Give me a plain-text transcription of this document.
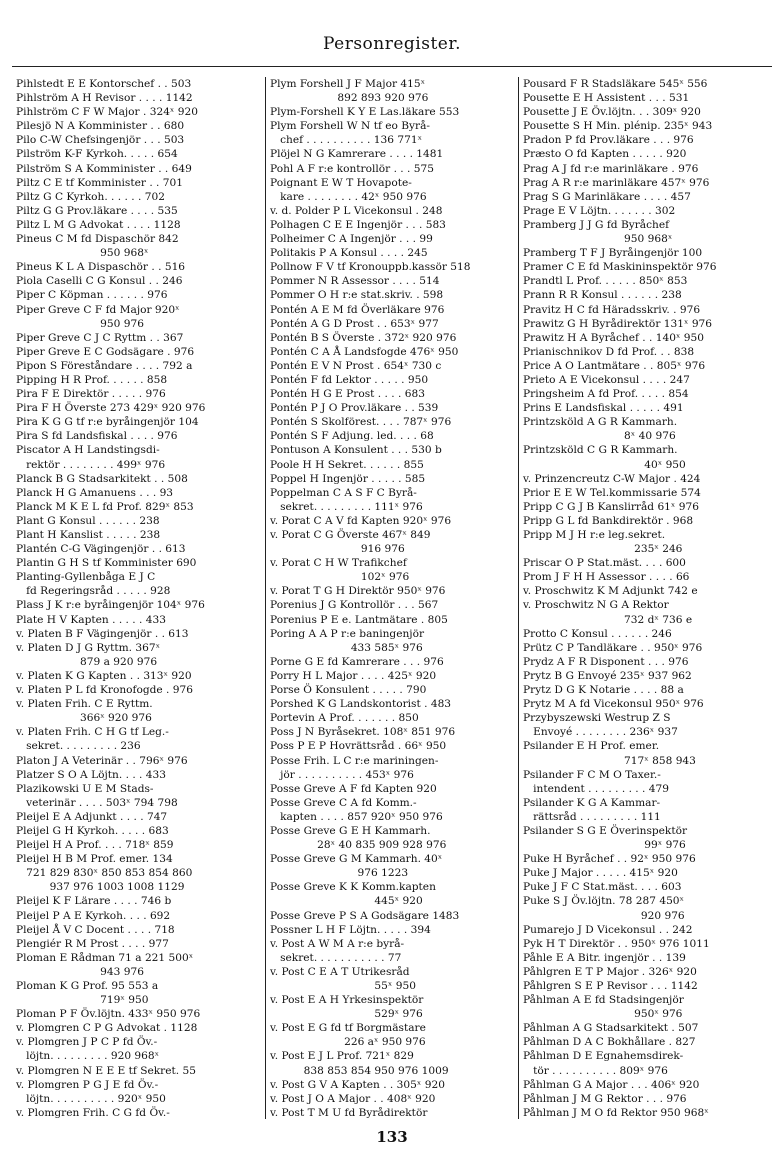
Personregister.
Pihlstedt E E Kontorschef . . 503
Pihlström A H Revisor . . . . 1142
Pihlström C F W Major . 324ˣ 920
Pilesjö N A Komminister . . 680
Pilo C-W Chefsingenjör . . . 503
Pilström K-F Kyrkoh. . . . . 654
Pilström S A Komminister . . 649
Piltz C E tf Komminister . . 701
Piltz G C Kyrkoh. . . . . . 702
Piltz G G Prov.läkare . . . . 535
Piltz L M G Advokat . . . . 1128
Pineus C M fd Dispaschör 842
950 968ˣ
Pineus K L A Dispaschör . . 516
Piola Caselli C G Konsul . . 246
Piper C Köpman . . . . . . 976
Piper Greve C F fd Major 920ˣ
950 976
Piper Greve C J C Ryttm . . 367
Piper Greve E C Godsägare . 976
Pipon S Föreståndare . . . . 792 a
Pipping H R Prof. . . . . . 858
Pira F E Direktör . . . . . 976
Pira F H Överste 273 429ˣ 920 976
Pira K G G tf r:e byråingenjör 104
Pira S fd Landsfiskal . . . . 976
Piscator A H Landstingsdi-
rektör . . . . . . . . 499ˣ 976
Planck B G Stadsarkitekt . . 508
Planck H G Amanuens . . . 93
Planck M K E L fd Prof. 829ˣ 853
Plant G Konsul . . . . . . 238
Plant H Kanslist . . . . . 238
Plantén C-G Vägingenjör . . 613
Plantin G H S tf Komminister 690
Planting-Gyllenbåga E J C
fd Regeringsråd . . . . . 928
Plass J K r:e byråingenjör 104ˣ 976
Plate H V Kapten . . . . . 433
v. Platen B F Vägingenjör . . 613
v. Platen D J G Ryttm. 367ˣ
879 a 920 976
v. Platen K G Kapten . . 313ˣ 920
v. Platen P L fd Kronofogde . 976
v. Platen Frih. C E Ryttm.
366ˣ 920 976
v. Platen Frih. C H G tf Leg.-
sekret. . . . . . . . . 236
Platon J A Veterinär . . 796ˣ 976
Platzer S O A Löjtn. . . . 433
Plazikowski U E M Stads-
veterinär . . . . 503ˣ 794 798
Pleijel E A Adjunkt . . . . 747
Pleijel G H Kyrkoh. . . . . 683
Pleijel H A Prof. . . . 718ˣ 859
Pleijel H B M Prof. emer. 134
721 829 830ˣ 850 853 854 860
937 976 1003 1008 1129
Pleijel K F Lärare . . . . 746 b
Pleijel P A E Kyrkoh. . . . 692
Pleijel Å V C Docent . . . . 718
Plengiér R M Prost . . . . 977
Ploman E Rådman 71 a 221 500ˣ
943 976
Ploman K G Prof. 95 553 a
719ˣ 950
Ploman P F Öv.löjtn. 433ˣ 950 976
v. Plomgren C P G Advokat . 1128
v. Plomgren J P C P fd Öv.-
löjtn. . . . . . . . . 920 968ˣ
v. Plomgren N E E E tf Sekret. 55
v. Plomgren P G J E fd Öv.-
löjtn. . . . . . . . . . 920ˣ 950
v. Plomgren Frih. C G fd Öv.-
Plym Forshell J F Major 415ˣ
892 893 920 976
Plym-Forshell K Y E Las.läkare 553
Plym Forshell W N tf eo Byrå-
chef . . . . . . . . . . 136 771ˣ
Plöjel N G Kamrerare . . . . 1481
Pohl A F r:e kontrollör . . . 575
Poignant E W T Hovapote-
kare . . . . . . . . 42ˣ 950 976
v. d. Polder P L Vicekonsul . 248
Polhagen C E E Ingenjör . . . 583
Polheimer C A Ingenjör . . . 99
Politakis P A Konsul . . . . 245
Pollnow F V tf Kronouppb.kassör 518
Pommer N R Assessor . . . . 514
Pommer O H r:e stat.skriv. . 598
Pontén A E M fd Överläkare 976
Pontén A G D Prost . . 653ˣ 977
Pontén B S Överste . 372ˣ 920 976
Pontén C A Å Landsfogde 476ˣ 950
Pontén E V N Prost . 654ˣ 730 c
Pontén F fd Lektor . . . . . 950
Pontén H G E Prost . . . . 683
Pontén P J O Prov.läkare . . 539
Pontén S Skolförest. . . . 787ˣ 976
Pontén S F Adjung. led. . . . 68
Pontuson A Konsulent . . . 530 b
Poole H H Sekret. . . . . . 855
Poppel H Ingenjör . . . . . 585
Poppelman C A S F C Byrå-
sekret. . . . . . . . . 111ˣ 976
v. Porat C A V fd Kapten 920ˣ 976
v. Porat C G Överste 467ˣ 849
916 976
v. Porat C H W Trafikchef
102ˣ 976
v. Porat T G H Direktör 950ˣ 976
Porenius J G Kontrollör . . . 567
Porenius P E e. Lantmätare . 805
Poring A A P r:e baningenjör
433 585ˣ 976
Porne G E fd Kamrerare . . . 976
Porry H L Major . . . . 425ˣ 920
Porse Ö Konsulent . . . . . 790
Porshed K G Landskontorist . 483
Portevin A Prof. . . . . . . 850
Poss J N Byråsekret. 108ˣ 851 976
Poss P E P Hovrättsråd . 66ˣ 950
Posse Frih. L C r:e mariningen-
jör . . . . . . . . . . 453ˣ 976
Posse Greve A F fd Kapten 920
Posse Greve C A fd Komm.-
kapten . . . . 857 920ˣ 950 976
Posse Greve G E H Kammarh.
28ˣ 40 835 909 928 976
Posse Greve G M Kammarh. 40ˣ
976 1223
Posse Greve K K Komm.kapten
445ˣ 920
Posse Greve P S A Godsägare 1483
Possner L H F Löjtn. . . . . 394
v. Post A W M A r:e byrå-
sekret. . . . . . . . . . . 77
v. Post C E A T Utrikesråd
55ˣ 950
v. Post E A H Yrkesinspektör
529ˣ 976
v. Post E G fd tf Borgmästare
226 aˣ 950 976
v. Post E J L Prof. 721ˣ 829
838 853 854 950 976 1009
v. Post G V A Kapten . . 305ˣ 920
v. Post J O A Major . . 408ˣ 920
v. Post T M U fd Byrådirektör
Pousard F R Stadsläkare 545ˣ 556
Pousette E H Assistent . . . 531
Pousette J E Öv.löjtn. . . 309ˣ 920
Pousette S H Min. plénip. 235ˣ 943
Pradon P fd Prov.läkare . . . 976
Præsto O fd Kapten . . . . . 920
Prag A J fd r:e marinläkare . 976
Prag A R r:e marinläkare 457ˣ 976
Prag S G Marinläkare . . . . 457
Prage E V Löjtn. . . . . . . 302
Pramberg J J G fd Byråchef
950 968ˣ
Pramberg T F J Byråingenjör 100
Pramer C E fd Maskininspektör 976
Prandtl L Prof. . . . . . 850ˣ 853
Prann R R Konsul . . . . . . 238
Pravitz H C fd Häradsskriv. . 976
Prawitz G H Byrådirektör 131ˣ 976
Prawitz H A Byråchef . . 140ˣ 950
Prianischnikov D fd Prof. . . 838
Price A O Lantmätare . . 805ˣ 976
Prieto A E Vicekonsul . . . . 247
Pringsheim A fd Prof. . . . . 854
Prins E Landsfiskal . . . . . 491
Printzsköld A G R Kammarh.
8ˣ 40 976
Printzsköld C G R Kammarh.
40ˣ 950
v. Prinzencreutz C-W Major . 424
Prior E E W Tel.kommissarie 574
Pripp C G J B Kanslirråd 61ˣ 976
Pripp G L fd Bankdirektör . 968
Pripp M J H r:e leg.sekret.
235ˣ 246
Priscar O P Stat.mäst. . . . 600
Prom J F H H Assessor . . . . 66
v. Proschwitz K M Adjunkt 742 e
v. Proschwitz N G A Rektor
732 dˣ 736 e
Protto C Konsul . . . . . . 246
Prütz C P Tandläkare . . 950ˣ 976
Prydz A F R Disponent . . . 976
Prytz B G Envoyé 235ˣ 937 962
Prytz D G K Notarie . . . . 88 a
Prytz M A fd Vicekonsul 950ˣ 976
Przybyszewski Westrup Z S
Envoyé . . . . . . . . 236ˣ 937
Psilander E H Prof. emer.
717ˣ 858 943
Psilander F C M O Taxer.-
intendent . . . . . . . . . 479
Psilander K G A Kammar-
rättsråd . . . . . . . . . 111
Psilander S G E Överinspektör
99ˣ 976
Puke H Byråchef . . 92ˣ 950 976
Puke J Major . . . . . 415ˣ 920
Puke J F C Stat.mäst. . . . 603
Puke S J Öv.löjtn. 78 287 450ˣ
920 976
Pumarejo J D Vicekonsul . . 242
Pyk H T Direktör . . 950ˣ 976 1011
Påhle E A Bitr. ingenjör . . 139
Påhlgren E T P Major . 326ˣ 920
Påhlgren S E P Revisor . . . 1142
Påhlman A E fd Stadsingenjör
950ˣ 976
Påhlman A G Stadsarkitekt . 507
Påhlman D A C Bokhållare . 827
Påhlman D E Egnahemsdirek-
tör . . . . . . . . . . 809ˣ 976
Påhlman G A Major . . . 406ˣ 920
Påhlman J M G Rektor . . . 976
Påhlman J M O fd Rektor 950 968ˣ
133
